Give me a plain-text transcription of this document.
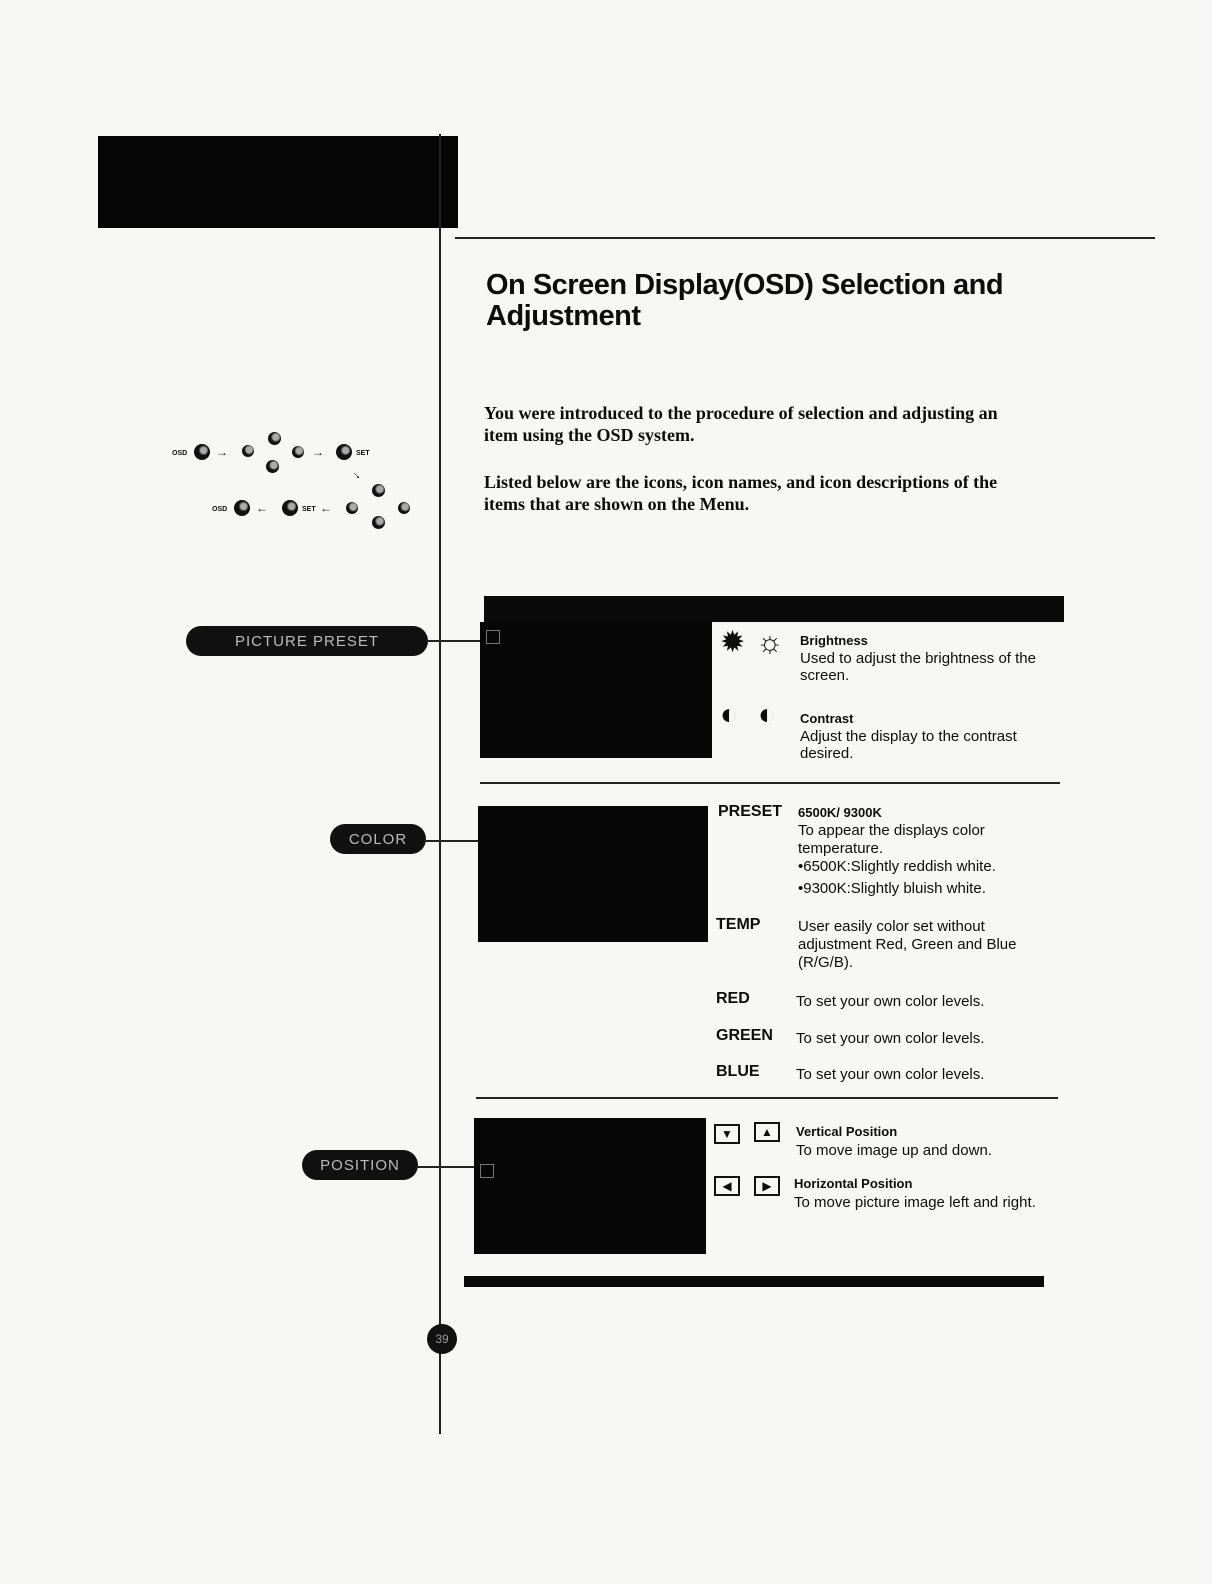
On Screen Display(OSD) Selection and Adjustment

You were introduced to the procedure of selection and adjusting an item using the OSD system.

Listed below are the icons, icon names, and icon descriptions of the items that are shown on the Menu.

OSD →	→	SET
→
OSD ←	SET ←
PICTURE PRESET	✹ ☼ Brightness
Used to adjust the brightness of the screen.
◐ ◐ Contrast
Adjust the display to the contrast desired.
COLOR
PRESET 6500K/ 9300K
To appear the displays color temperature.
•6500K:Slightly reddish white.
•9300K:Slightly bluish white.
TEMP	User easily color set without adjustment Red, Green and Blue (R/G/B).
RED	To set your own color levels.
GREEN To set your own color levels.
BLUE To set your own color levels.
POSITION
▼	▲	Vertical Position
To move image up and down.
◀	▶	Horizontal Position
To move picture image left and right.
39
